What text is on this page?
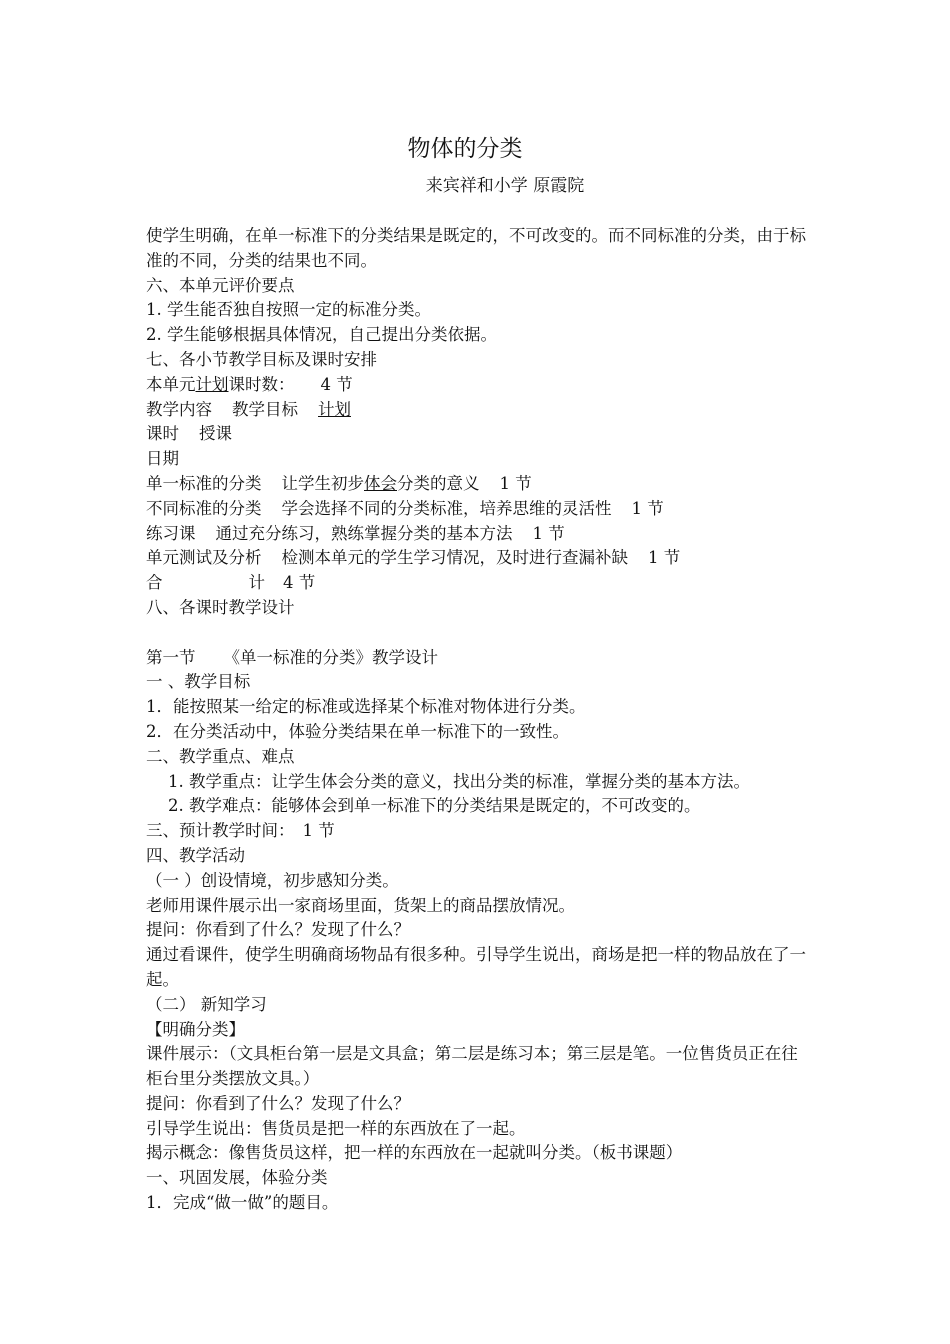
物体的分类
来宾祥和小学 原霞院
使学生明确，在单一标准下的分类结果是既定的，不可改变的。而不同标准的分类，由于标准的不同，分类的结果也不同。
六、本单元评价要点
1. 学生能否独自按照一定的标准分类。
2. 学生能够根据具体情况，自己提出分类依据。
七、各小节教学目标及课时安排
本单元计划课时数： 4 节
教学内容 教学目标 计划
课时 授课
日期
单一标准的分类 让学生初步体会分类的意义 1 节
不同标准的分类 学会选择不同的分类标准，培养思维的灵活性 1 节
练习课 通过充分练习，熟练掌握分类的基本方法 1 节
单元测试及分析 检测本单元的学生学习情况，及时进行查漏补缺 1 节
合	计 4 节
八、各课时教学设计
第一节 《单一标准的分类》教学设计
一 、教学目标
1．能按照某一给定的标准或选择某个标准对物体进行分类。
2．在分类活动中，体验分类结果在单一标准下的一致性。
二、教学重点、难点
1. 教学重点：让学生体会分类的意义，找出分类的标准，掌握分类的基本方法。
2. 教学难点：能够体会到单一标准下的分类结果是既定的，不可改变的。
三、预计教学时间： 1 节
四、教学活动
（一 ）创设情境，初步感知分类。
老师用课件展示出一家商场里面，货架上的商品摆放情况。
提问：你看到了什么？发现了什么？
通过看课件，使学生明确商场物品有很多种。引导学生说出，商场是把一样的物品放在了一起。
（二） 新知学习
【明确分类】
课件展示：（文具柜台第一层是文具盒；第二层是练习本；第三层是笔。一位售货员正在往柜台里分类摆放文具。）
提问：你看到了什么？发现了什么？
引导学生说出：售货员是把一样的东西放在了一起。
揭示概念：像售货员这样，把一样的东西放在一起就叫分类。（板书课题）
一、巩固发展，体验分类
1．完成“做一做”的题目。
